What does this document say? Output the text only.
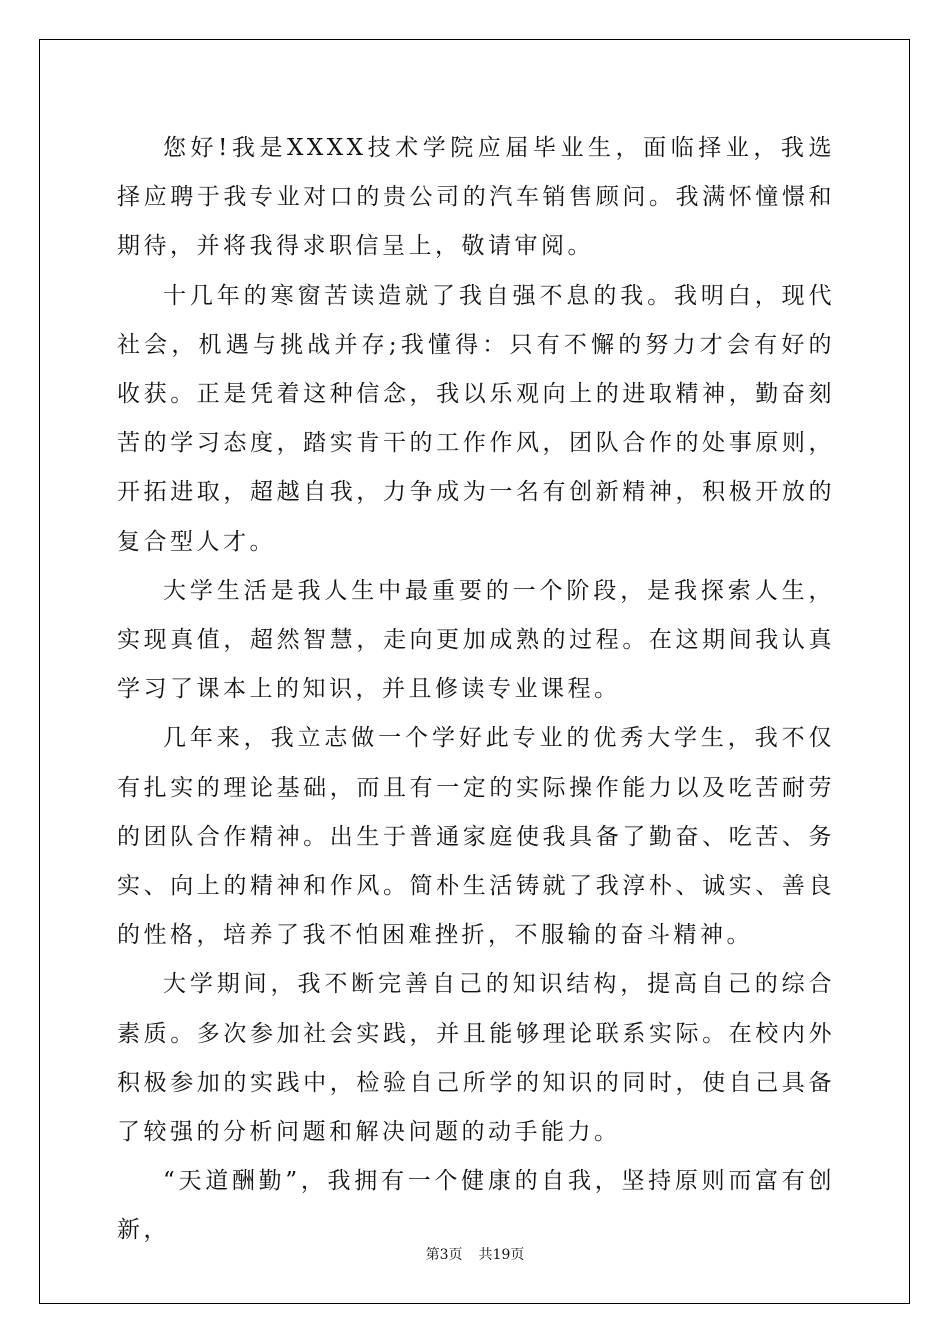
您好!我是XXXX技术学院应届毕业生，面临择业，我选择应聘于我专业对口的贵公司的汽车销售顾问。我满怀憧憬和期待，并将我得求职信呈上，敬请审阅。

十几年的寒窗苦读造就了我自强不息的我。我明白，现代社会，机遇与挑战并存;我懂得：只有不懈的努力才会有好的收获。正是凭着这种信念，我以乐观向上的进取精神，勤奋刻苦的学习态度，踏实肯干的工作作风，团队合作的处事原则，开拓进取，超越自我，力争成为一名有创新精神，积极开放的复合型人才。

大学生活是我人生中最重要的一个阶段，是我探索人生，实现真值，超然智慧，走向更加成熟的过程。在这期间我认真学习了课本上的知识，并且修读专业课程。

几年来，我立志做一个学好此专业的优秀大学生，我不仅有扎实的理论基础，而且有一定的实际操作能力以及吃苦耐劳的团队合作精神。出生于普通家庭使我具备了勤奋、吃苦、务实、向上的精神和作风。简朴生活铸就了我淳朴、诚实、善良的性格，培养了我不怕困难挫折，不服输的奋斗精神。

大学期间，我不断完善自己的知识结构，提高自己的综合素质。多次参加社会实践，并且能够理论联系实际。在校内外积极参加的实践中，检验自己所学的知识的同时，使自己具备了较强的分析问题和解决问题的动手能力。

“天道酬勤”，我拥有一个健康的自我，坚持原则而富有创新，

第3页 共19页
